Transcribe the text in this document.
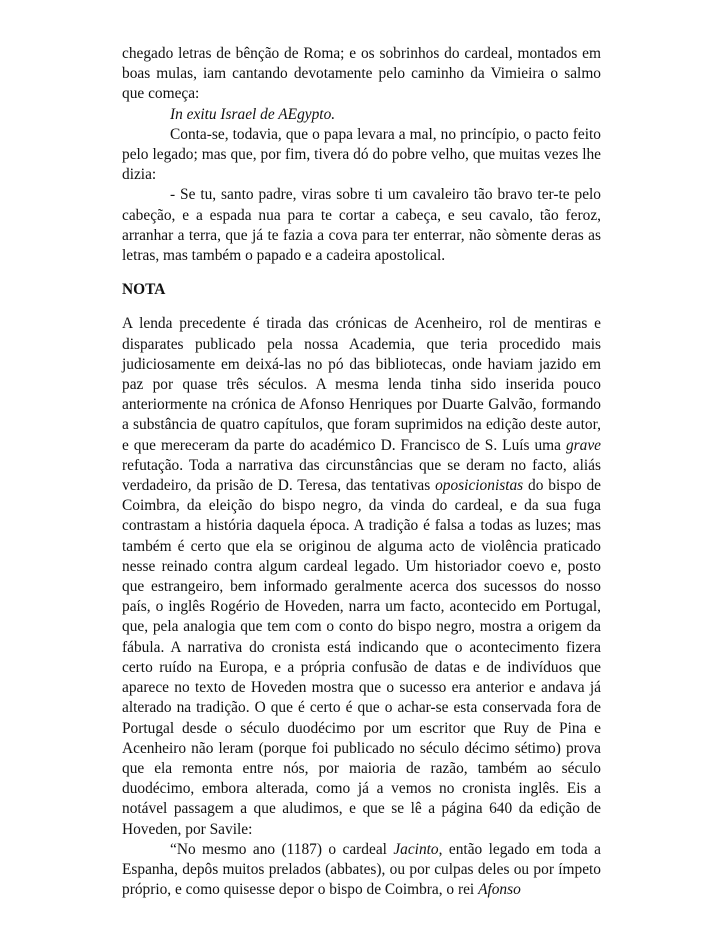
chegado letras de bênção de Roma; e os sobrinhos do cardeal, montados em boas mulas, iam cantando devotamente pelo caminho da Vimieira o salmo que começa:

In exitu Israel de AEgypto.

Conta-se, todavia, que o papa levara a mal, no princípio, o pacto feito pelo legado; mas que, por fim, tivera dó do pobre velho, que muitas vezes lhe dizia:

- Se tu, santo padre, viras sobre ti um cavaleiro tão bravo ter-te pelo cabeção, e a espada nua para te cortar a cabeça, e seu cavalo, tão feroz, arranhar a terra, que já te fazia a cova para ter enterrar, não sòmente deras as letras, mas também o papado e a cadeira apostolical.

NOTA

A lenda precedente é tirada das crónicas de Acenheiro, rol de mentiras e disparates publicado pela nossa Academia, que teria procedido mais judiciosamente em deixá-las no pó das bibliotecas, onde haviam jazido em paz por quase três séculos. A mesma lenda tinha sido inserida pouco anteriormente na crónica de Afonso Henriques por Duarte Galvão, formando a substância de quatro capítulos, que foram suprimidos na edição deste autor, e que mereceram da parte do académico D. Francisco de S. Luís uma grave refutação. Toda a narrativa das circunstâncias que se deram no facto, aliás verdadeiro, da prisão de D. Teresa, das tentativas oposicionistas do bispo de Coimbra, da eleição do bispo negro, da vinda do cardeal, e da sua fuga contrastam a história daquela época. A tradição é falsa a todas as luzes; mas também é certo que ela se originou de alguma acto de violência praticado nesse reinado contra algum cardeal legado. Um historiador coevo e, posto que estrangeiro, bem informado geralmente acerca dos sucessos do nosso país, o inglês Rogério de Hoveden, narra um facto, acontecido em Portugal, que, pela analogia que tem com o conto do bispo negro, mostra a origem da fábula. A narrativa do cronista está indicando que o acontecimento fizera certo ruído na Europa, e a própria confusão de datas e de indivíduos que aparece no texto de Hoveden mostra que o sucesso era anterior e andava já alterado na tradição. O que é certo é que o achar-se esta conservada fora de Portugal desde o século duodécimo por um escritor que Ruy de Pina e Acenheiro não leram (porque foi publicado no século décimo sétimo) prova que ela remonta entre nós, por maioria de razão, também ao século duodécimo, embora alterada, como já a vemos no cronista inglês. Eis a notável passagem a que aludimos, e que se lê a página 640 da edição de Hoveden, por Savile:

“No mesmo ano (1187) o cardeal Jacinto, então legado em toda a Espanha, depôs muitos prelados (abbates), ou por culpas deles ou por ímpeto próprio, e como quisesse depor o bispo de Coimbra, o rei Afonso
